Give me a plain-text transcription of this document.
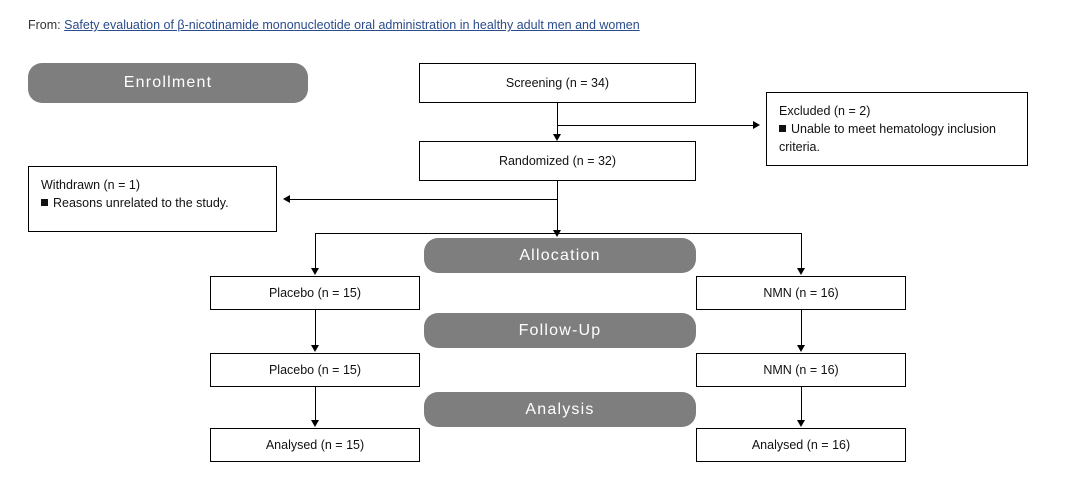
From: Safety evaluation of β-nicotinamide mononucleotide oral administration in healthy adult men and women
Enrollment
Allocation
Follow-Up
Analysis
Screening (n = 34)
Randomized (n = 32)
Excluded (n = 2)
Unable to meet hematology inclusion criteria.
Withdrawn (n = 1)
Reasons unrelated to the study.
Placebo (n = 15)	NMN (n = 16)
Placebo (n = 15)	NMN (n = 16)
Analysed (n = 15)	Analysed (n = 16)
